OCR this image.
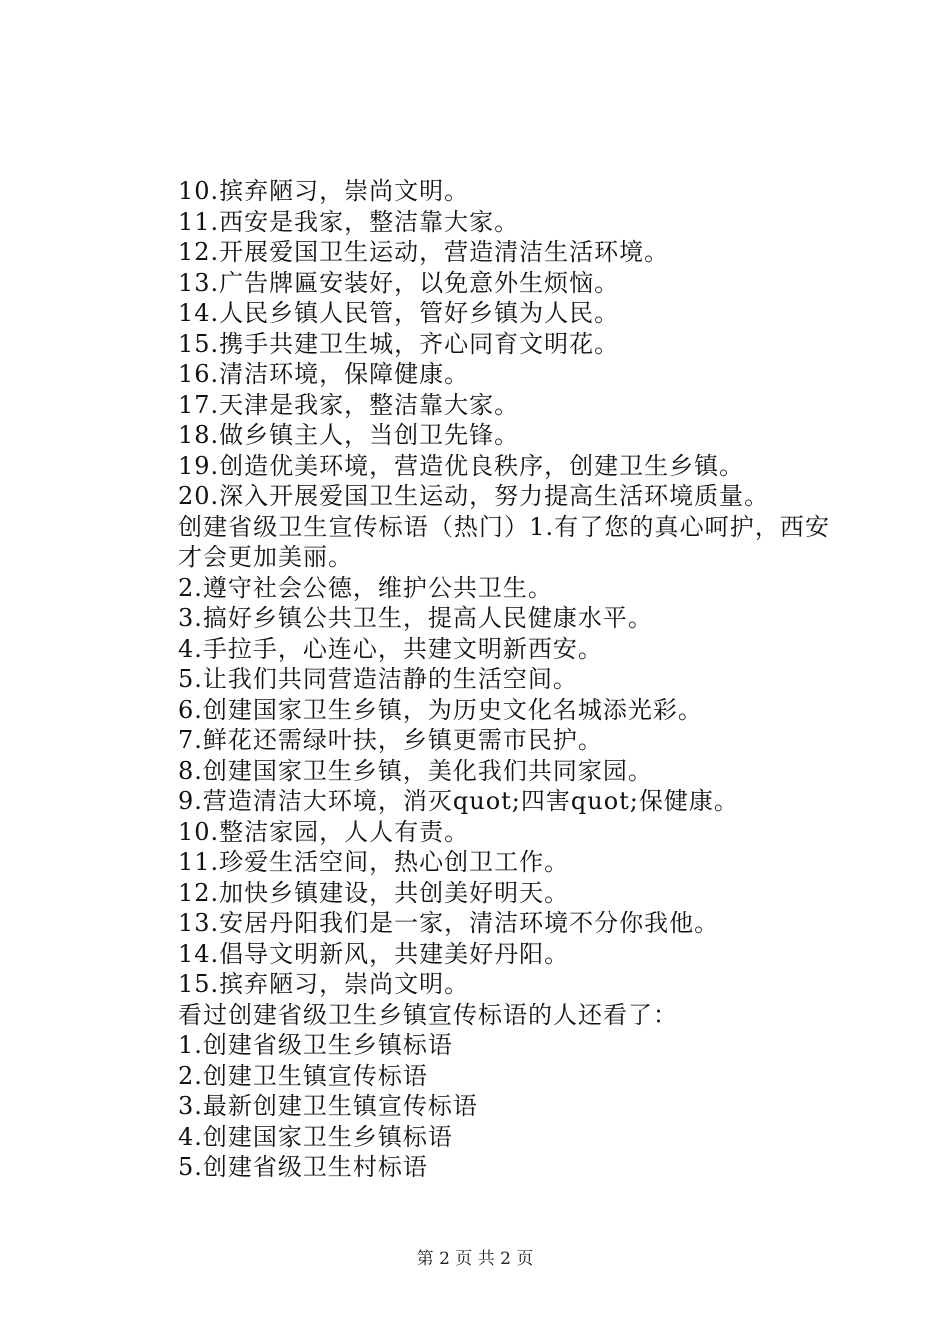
10.摈弃陋习，崇尚文明。
11.西安是我家，整洁靠大家。
12.开展爱国卫生运动，营造清洁生活环境。
13.广告牌匾安装好，以免意外生烦恼。
14.人民乡镇人民管，管好乡镇为人民。
15.携手共建卫生城，齐心同育文明花。
16.清洁环境，保障健康。
17.天津是我家，整洁靠大家。
18.做乡镇主人，当创卫先锋。
19.创造优美环境，营造优良秩序，创建卫生乡镇。
20.深入开展爱国卫生运动，努力提高生活环境质量。
创建省级卫生宣传标语（热门）1.有了您的真心呵护，西安才会更加美丽。
2.遵守社会公德，维护公共卫生。
3.搞好乡镇公共卫生，提高人民健康水平。
4.手拉手，心连心，共建文明新西安。
5.让我们共同营造洁静的生活空间。
6.创建国家卫生乡镇，为历史文化名城添光彩。
7.鲜花还需绿叶扶，乡镇更需市民护。
8.创建国家卫生乡镇，美化我们共同家园。
9.营造清洁大环境，消灭quot;四害quot;保健康。
10.整洁家园，人人有责。
11.珍爱生活空间，热心创卫工作。
12.加快乡镇建设，共创美好明天。
13.安居丹阳我们是一家，清洁环境不分你我他。
14.倡导文明新风，共建美好丹阳。
15.摈弃陋习，崇尚文明。
看过创建省级卫生乡镇宣传标语的人还看了：
1.创建省级卫生乡镇标语
2.创建卫生镇宣传标语
3.最新创建卫生镇宣传标语
4.创建国家卫生乡镇标语
5.创建省级卫生村标语
第 2 页 共 2 页
